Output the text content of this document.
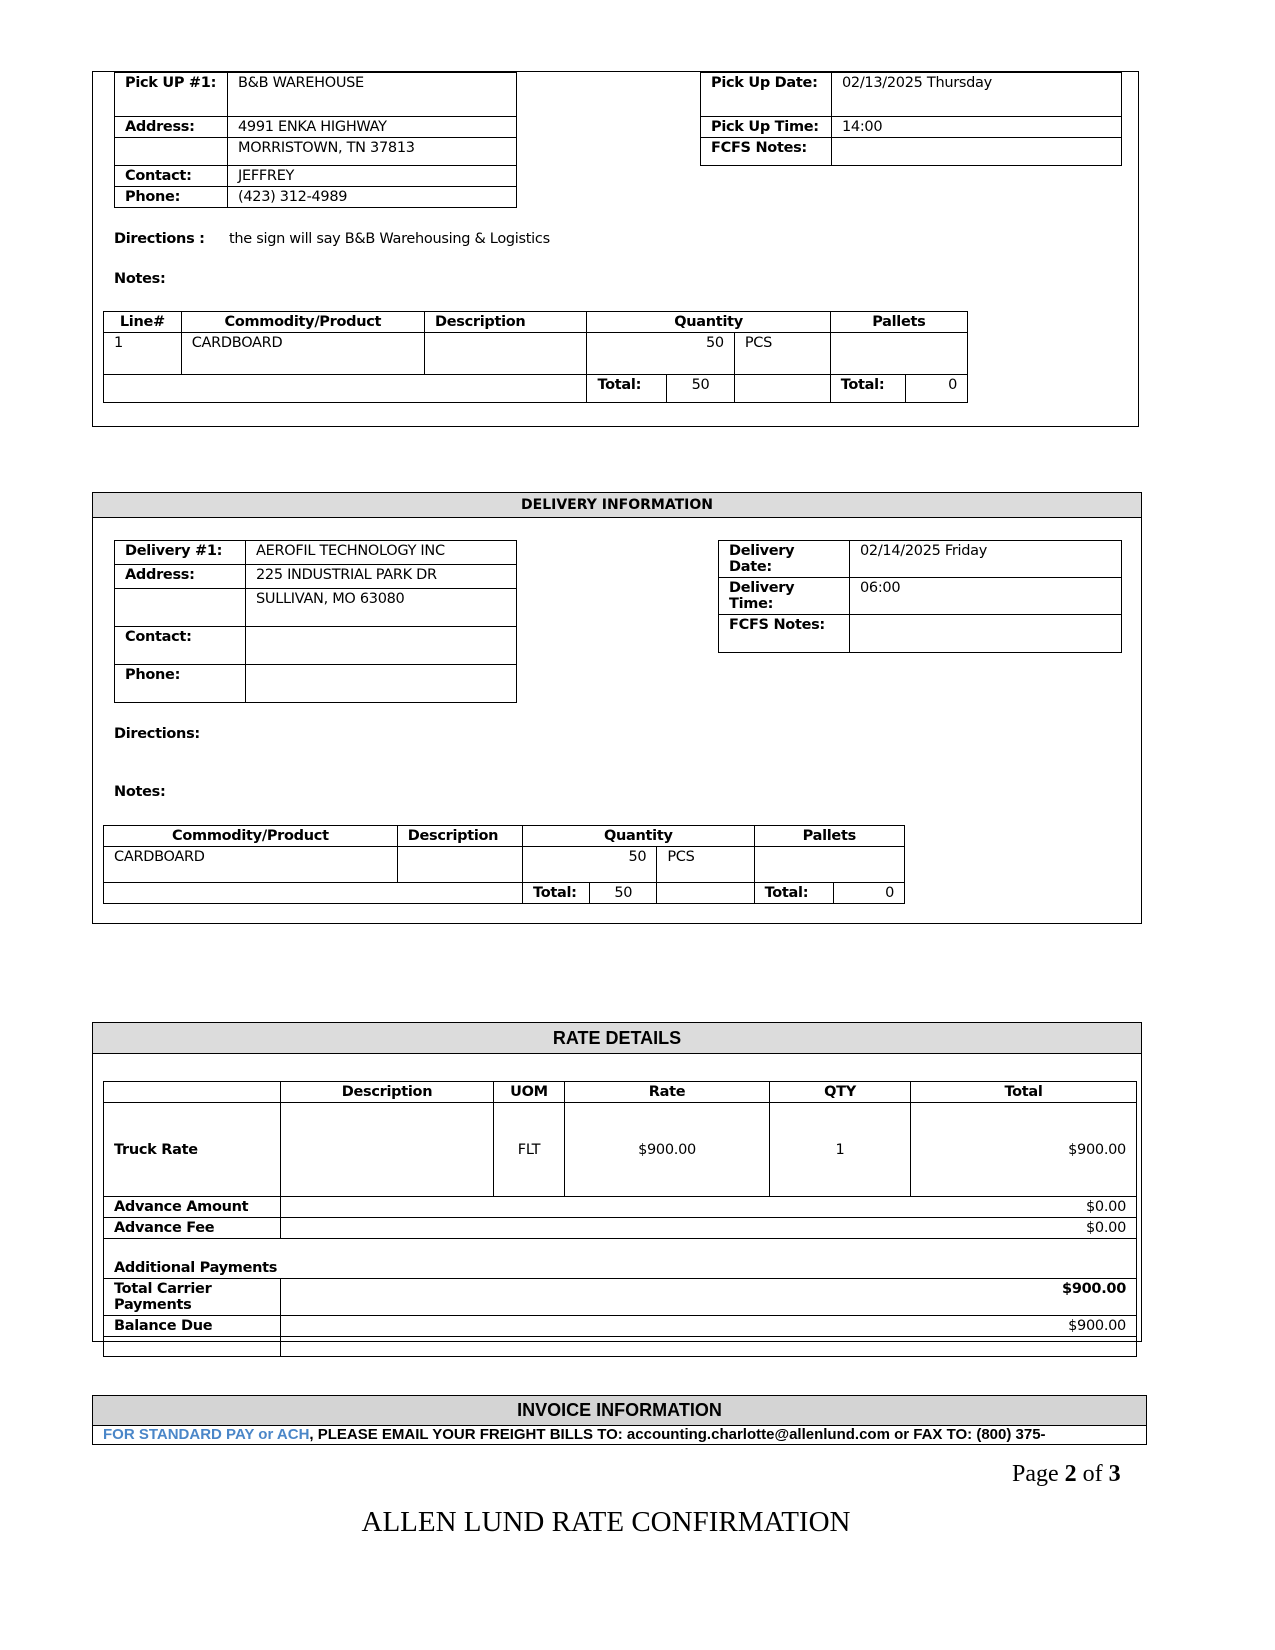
Pick UP #1:	B&B WAREHOUSE
Address:	4991 ENKA HIGHWAY
	MORRISTOWN, TN 37813
Contact:	JEFFREY
Phone:	(423) 312-4989
Pick Up Date:	02/13/2025 Thursday
Pick Up Time:	14:00
FCFS Notes:	
Directions : the sign will say B&B Warehousing & Logistics
Notes:
Line#	Commodity/Product	Description	Quantity			Pallets	
1	CARDBOARD		50		PCS		
			Total:	50		Total:	0
DELIVERY INFORMATION
Delivery #1:	AEROFIL TECHNOLOGY INC
Address:	225 INDUSTRIAL PARK DR
	SULLIVAN, MO 63080
Contact:	
Phone:	
Delivery Date:	02/14/2025 Friday
Delivery Time:	06:00
FCFS Notes:	
Directions:
Notes:
Commodity/Product	Description	Quantity			Pallets	
CARDBOARD		50		PCS		
		Total:	50		Total:	0
RATE DETAILS
	Description	UOM	Rate	QTY	Total
Truck Rate		FLT	$900.00	1	$900.00
Advance Amount	$0.00				
Advance Fee	$0.00				
Additional Payments					
Total Carrier Payments	$900.00				
Balance Due	$900.00				

INVOICE INFORMATION
FOR STANDARD PAY or ACH, PLEASE EMAIL YOUR FREIGHT BILLS TO: accounting.charlotte@allenlund.com or FAX TO: (800) 375-
Page 2 of 3
ALLEN LUND RATE CONFIRMATION
